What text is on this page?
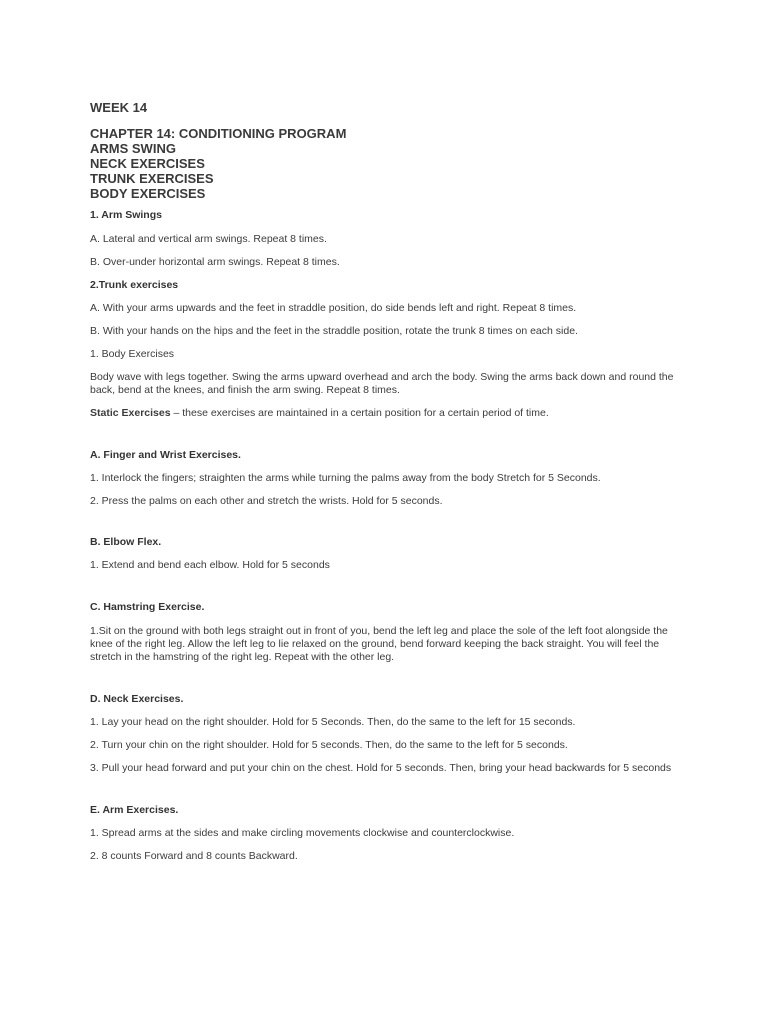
WEEK 14
CHAPTER 14: CONDITIONING PROGRAM
ARMS SWING
NECK EXERCISES
TRUNK EXERCISES
BODY EXERCISES
1. Arm Swings
A. Lateral and vertical arm swings. Repeat 8 times.
B. Over-under horizontal arm swings. Repeat 8 times.
2.Trunk exercises
A. With your arms upwards and the feet in straddle position, do side bends left and right. Repeat 8 times.
B. With your hands on the hips and the feet in the straddle position, rotate the trunk 8 times on each side.
1. Body Exercises
Body wave with legs together. Swing the arms upward overhead and arch the body. Swing the arms back down and round the back, bend at the knees, and finish the arm swing. Repeat 8 times.
Static Exercises – these exercises are maintained in a certain position for a certain period of time.
A. Finger and Wrist Exercises.
1. Interlock the fingers; straighten the arms while turning the palms away from the body Stretch for 5 Seconds.
2. Press the palms on each other and stretch the wrists. Hold for 5 seconds.
B. Elbow Flex.
1. Extend and bend each elbow. Hold for 5 seconds
C. Hamstring Exercise.
1.Sit on the ground with both legs straight out in front of you, bend the left leg and place the sole of the left foot alongside the knee of the right leg. Allow the left leg to lie relaxed on the ground, bend forward keeping the back straight. You will feel the stretch in the hamstring of the right leg. Repeat with the other leg.
D. Neck Exercises.
1. Lay your head on the right shoulder. Hold for 5 Seconds. Then, do the same to the left for 15 seconds.
2. Turn your chin on the right shoulder. Hold for 5 seconds. Then, do the same to the left for 5 seconds.
3. Pull your head forward and put your chin on the chest. Hold for 5 seconds. Then, bring your head backwards for 5 seconds
E. Arm Exercises.
1. Spread arms at the sides and make circling movements clockwise and counterclockwise.
2. 8 counts Forward and 8 counts Backward.
